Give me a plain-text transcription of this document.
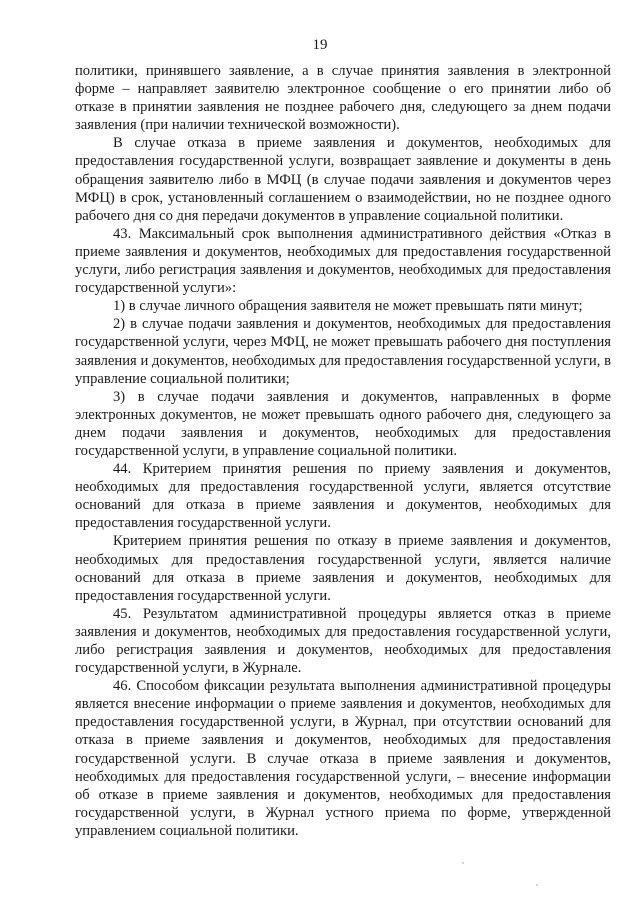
19

политики, принявшего заявление, а в случае принятия заявления в электронной форме – направляет заявителю электронное сообщение о его принятии либо об отказе в принятии заявления не позднее рабочего дня, следующего за днем подачи заявления (при наличии технической возможности).

В случае отказа в приеме заявления и документов, необходимых для предоставления государственной услуги, возвращает заявление и документы в день обращения заявителю либо в МФЦ (в случае подачи заявления и документов через МФЦ) в срок, установленный соглашением о взаимодействии, но не позднее одного рабочего дня со дня передачи документов в управление социальной политики.

43. Максимальный срок выполнения административного действия «Отказ в приеме заявления и документов, необходимых для предоставления государственной услуги, либо регистрация заявления и документов, необходимых для предоставления государственной услуги»:

1) в случае личного обращения заявителя не может превышать пяти минут;

2) в случае подачи заявления и документов, необходимых для предоставления государственной услуги, через МФЦ, не может превышать рабочего дня поступления заявления и документов, необходимых для предоставления государственной услуги, в управление социальной политики;

3) в случае подачи заявления и документов, направленных в форме электронных документов, не может превышать одного рабочего дня, следующего за днем подачи заявления и документов, необходимых для предоставления государственной услуги, в управление социальной политики.

44. Критерием принятия решения по приему заявления и документов, необходимых для предоставления государственной услуги, является отсутствие оснований для отказа в приеме заявления и документов, необходимых для предоставления государственной услуги.

Критерием принятия решения по отказу в приеме заявления и документов, необходимых для предоставления государственной услуги, является наличие оснований для отказа в приеме заявления и документов, необходимых для предоставления государственной услуги.

45. Результатом административной процедуры является отказ в приеме заявления и документов, необходимых для предоставления государственной услуги, либо регистрация заявления и документов, необходимых для предоставления государственной услуги, в Журнале.

46. Способом фиксации результата выполнения административной процедуры является внесение информации о приеме заявления и документов, необходимых для предоставления государственной услуги, в Журнал, при отсутствии оснований для отказа в приеме заявления и документов, необходимых для предоставления государственной услуги. В случае отказа в приеме заявления и документов, необходимых для предоставления государственной услуги, – внесение информации об отказе в приеме заявления и документов, необходимых для предоставления государственной услуги, в Журнал устного приема по форме, утвержденной управлением социальной политики.
